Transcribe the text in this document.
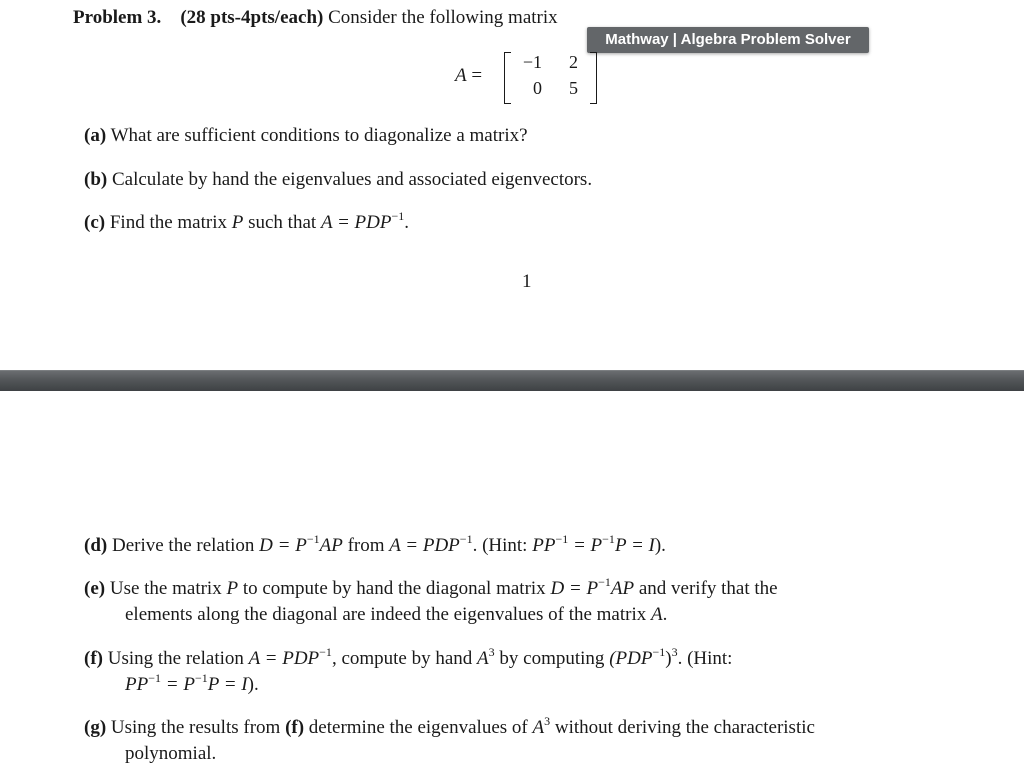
Problem 3. (28 pts-4pts/each) Consider the following matrix
Mathway | Algebra Problem Solver
A =
−1	2
0	5
(a) What are sufficient conditions to diagonalize a matrix?
(b) Calculate by hand the eigenvalues and associated eigenvectors.
(c) Find the matrix P such that $A = PDP^{-1}$.
1
(d) Derive the relation $D = P^{-1}AP$ from $A = PDP^{-1}$. (Hint: $PP^{-1} = P^{-1}P = I$).
(e) Use the matrix P to compute by hand the diagonal matrix $D = P^{-1}AP$ and verify that the
elements along the diagonal are indeed the eigenvalues of the matrix A.
(f) Using the relation $A = PDP^{-1}$, compute by hand $A^3$ by computing $(PDP^{-1})^3$. (Hint:
$PP^{-1} = P^{-1}P = I$).
(g) Using the results from (f) determine the eigenvalues of $A^3$ without deriving the characteristic
polynomial.
